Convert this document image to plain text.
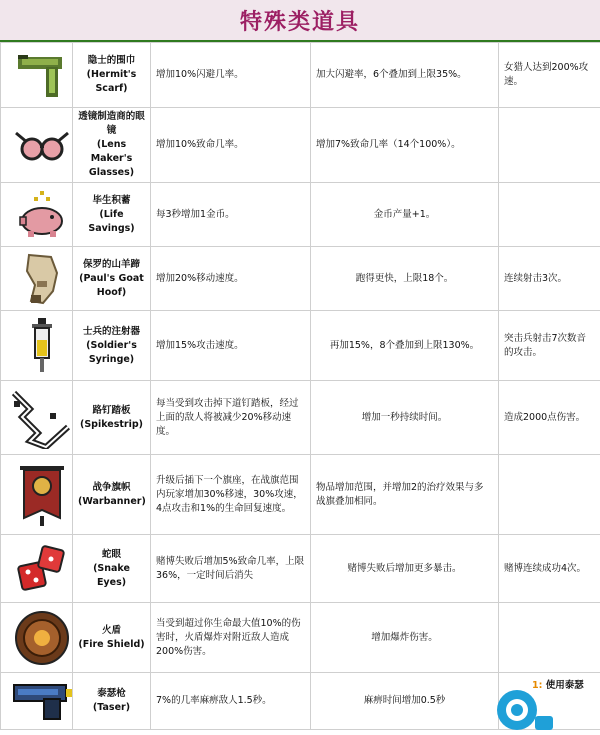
特殊类道具

隐士的围巾
(Hermit's Scarf)	增加10%闪避几率。	加大闪避率，6个叠加到上限35%。	女猎人达到200%攻速。

透镜制造商的眼镜
(Lens Maker's Glasses)	增加10%致命几率。	增加7%致命几率（14个100%）。	

毕生积蓄
(Life Savings)	每3秒增加1金币。	金币产量+1。	

保罗的山羊蹄
(Paul's Goat Hoof)	增加20%移动速度。	跑得更快，上限18个。	连续射击3次。

士兵的注射器
(Soldier's Syringe)	增加15%攻击速度。	再加15%，8个叠加到上限130%。	突击兵射击7次数音的攻击。

路钉踏板
(Spikestrip)	每当受到攻击掉下道钉踏板，经过上面的敌人将被减少20%移动速度。	增加一秒持续时间。	造成2000点伤害。

战争旗帜
(Warbanner)	升级后插下一个旗座，在战旗范围内玩家增加30%移速，30%攻速，4点攻击和1%的生命回复速度。	物品增加范围，并增加2的治疗效果与多战旗叠加相同。	

蛇眼
(Snake Eyes)	赌博失败后增加5%致命几率，上限36%，一定时间后消失	赌博失败后增加更多暴击。	赌博连续成功4次。

火盾
(Fire Shield)	当受到超过你生命最大值10%的伤害时，火盾爆炸对附近敌人造成200%伤害。	增加爆炸伤害。	

泰瑟枪
(Taser)	7%的几率麻痹敌人1.5秒。	麻痹时间增加0.5秒	
1: 使用泰瑟
